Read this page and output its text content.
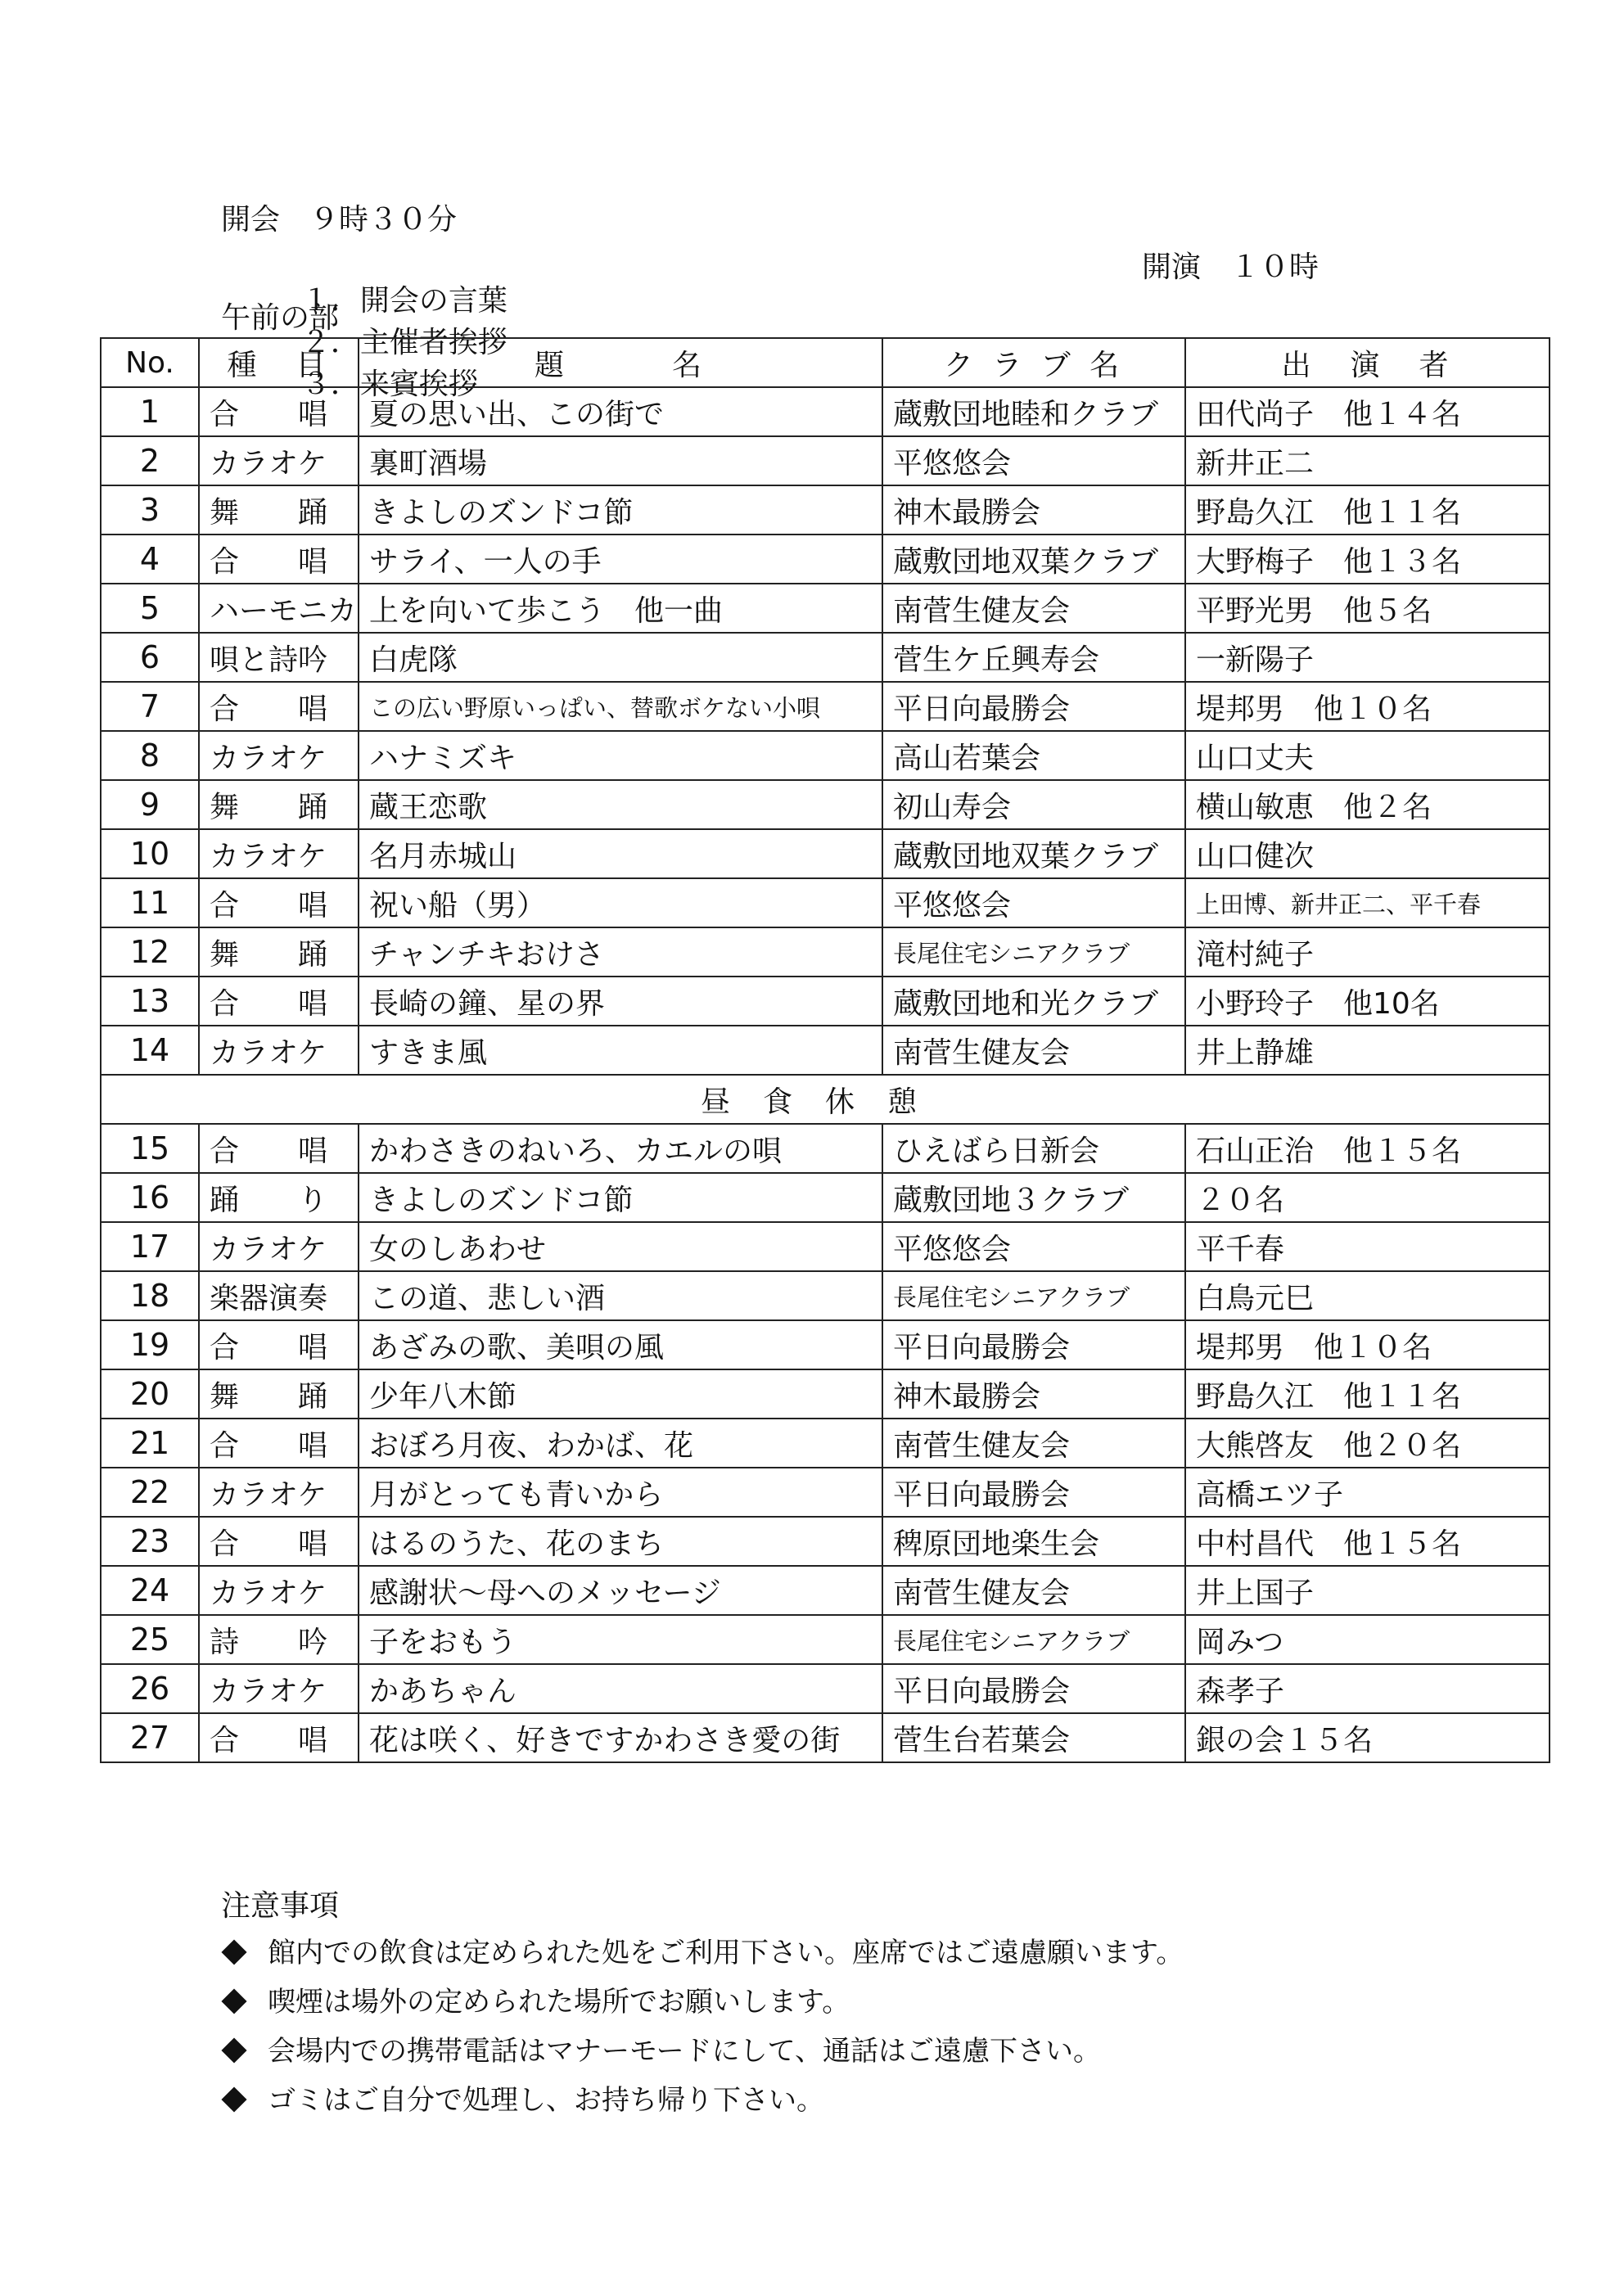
開会　９時３０分

１．開会の言葉
２．主催者挨拶
３．来賓挨拶

開演　１０時
午前の部
No.	種　目	題　　　名	ク ラ ブ 名	出　演　者
1	合　　唱	夏の思い出、この街で	蔵敷団地睦和クラブ	田代尚子　他１４名
2	カラオケ	裏町酒場	平悠悠会	新井正二
3	舞　　踊	きよしのズンドコ節	神木最勝会	野島久江　他１１名
4	合　　唱	サライ、一人の手	蔵敷団地双葉クラブ	大野梅子　他１３名
5	ハーモニカ	上を向いて歩こう　他一曲	南菅生健友会	平野光男　他５名
6	唄と詩吟	白虎隊	菅生ケ丘興寿会	一新陽子
7	合　　唱	この広い野原いっぱい、替歌ボケない小唄	平日向最勝会	堤邦男　他１０名
8	カラオケ	ハナミズキ	高山若葉会	山口丈夫
9	舞　　踊	蔵王恋歌	初山寿会	横山敏恵　他２名
10	カラオケ	名月赤城山	蔵敷団地双葉クラブ	山口健次
11	合　　唱	祝い船（男）	平悠悠会	上田博、新井正二、平千春
12	舞　　踊	チャンチキおけさ	長尾住宅シニアクラブ	滝村純子
13	合　　唱	長崎の鐘、星の界	蔵敷団地和光クラブ	小野玲子　他10名
14	カラオケ	すきま風	南菅生健友会	井上静雄
昼食休憩				
15	合　　唱	かわさきのねいろ、カエルの唄	ひえばら日新会	石山正治　他１５名
16	踊　　り	きよしのズンドコ節	蔵敷団地３クラブ	２０名
17	カラオケ	女のしあわせ	平悠悠会	平千春
18	楽器演奏	この道、悲しい酒	長尾住宅シニアクラブ	白鳥元巳
19	合　　唱	あざみの歌、美唄の風	平日向最勝会	堤邦男　他１０名
20	舞　　踊	少年八木節	神木最勝会	野島久江　他１１名
21	合　　唱	おぼろ月夜、わかば、花	南菅生健友会	大熊啓友　他２０名
22	カラオケ	月がとっても青いから	平日向最勝会	高橋エツ子
23	合　　唱	はるのうた、花のまち	稗原団地楽生会	中村昌代　他１５名
24	カラオケ	感謝状～母へのメッセージ	南菅生健友会	井上国子
25	詩　　吟	子をおもう	長尾住宅シニアクラブ	岡みつ
26	カラオケ	かあちゃん	平日向最勝会	森孝子
27	合　　唱	花は咲く、好きですかわさき愛の街	菅生台若葉会	銀の会１５名
注意事項
館内での飲食は定められた処をご利用下さい。座席ではご遠慮願います。
喫煙は場外の定められた場所でお願いします。
会場内での携帯電話はマナーモードにして、通話はご遠慮下さい。
ゴミはご自分で処理し、お持ち帰り下さい。
